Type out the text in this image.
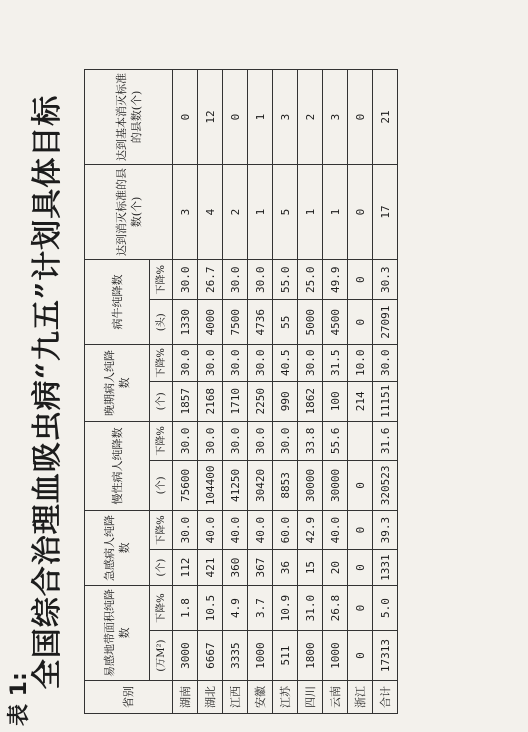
表 1:
全国综合治理血吸虫病“九五”计划具体目标
省别	易感地带面积纯降数		急感病人纯降数		慢性病人纯降数		晚期病人纯降数		病牛纯降数		达到消灭标准的县数(个)	达到基本消灭标准的县数(个)
	(万M²)	下降%	(个)	下降%	(个)	下降%	(个)	下降%	(头)	下降%		
湖南	3000	1.8	112	30.0	75600	30.0	1857	30.0	1330	30.0	3	0
湖北	6667	10.5	421	40.0	104400	30.0	2168	30.0	4000	26.7	4	12
江西	3335	4.9	360	40.0	41250	30.0	1710	30.0	7500	30.0	2	0
安徽	1000	3.7	367	40.0	30420	30.0	2250	30.0	4736	30.0	1	1
江苏	511	10.9	36	60.0	8853	30.0	990	40.5	55	55.0	5	3
四川	1800	31.0	15	42.9	30000	33.8	1862	30.0	5000	25.0	1	2
云南	1000	26.8	20	40.0	30000	55.6	100	31.5	4500	49.9	1	3
浙江	0	0	0	0	0		214	10.0	0	0	0	0
合计	17313	5.0	1331	39.3	320523	31.6	11151	30.0	27091	30.3	17	21
